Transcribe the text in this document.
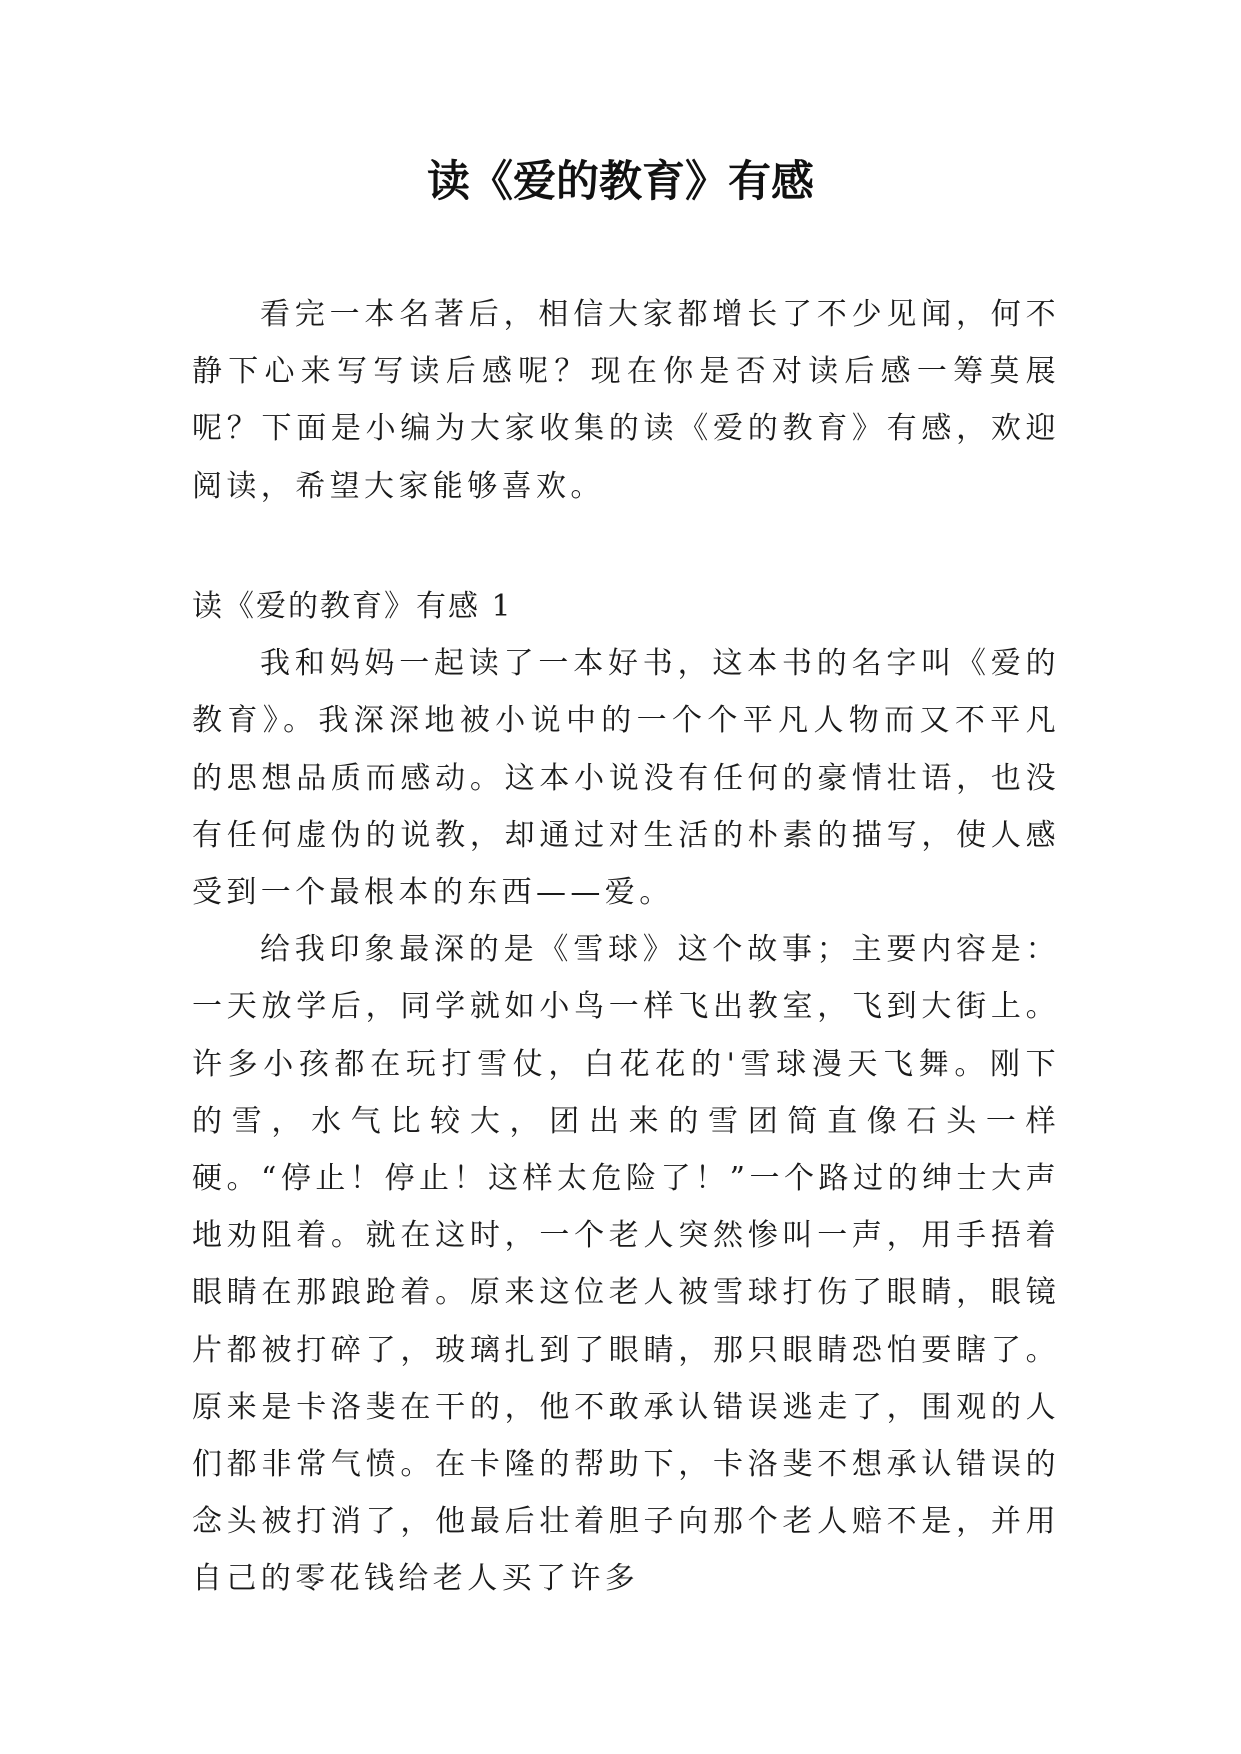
读《爱的教育》有感

看完一本名著后，相信大家都增长了不少见闻，何不静下心来写写读后感呢？现在你是否对读后感一筹莫展呢？下面是小编为大家收集的读《爱的教育》有感，欢迎阅读，希望大家能够喜欢。

读《爱的教育》有感 1

我和妈妈一起读了一本好书，这本书的名字叫《爱的教育》。我深深地被小说中的一个个平凡人物而又不平凡的思想品质而感动。这本小说没有任何的豪情壮语，也没有任何虚伪的说教，却通过对生活的朴素的描写，使人感受到一个最根本的东西——爱。

给我印象最深的是《雪球》这个故事；主要内容是：一天放学后，同学就如小鸟一样飞出教室，飞到大街上。许多小孩都在玩打雪仗，白花花的'雪球漫天飞舞。刚下的雪，水气比较大，团出来的雪团简直像石头一样硬。“停止！停止！这样太危险了！”一个路过的绅士大声地劝阻着。就在这时，一个老人突然惨叫一声，用手捂着眼睛在那踉跄着。原来这位老人被雪球打伤了眼睛，眼镜片都被打碎了，玻璃扎到了眼睛，那只眼睛恐怕要瞎了。原来是卡洛斐在干的，他不敢承认错误逃走了，围观的人们都非常气愤。在卡隆的帮助下，卡洛斐不想承认错误的念头被打消了，他最后壮着胆子向那个老人赔不是，并用自己的零花钱给老人买了许多
